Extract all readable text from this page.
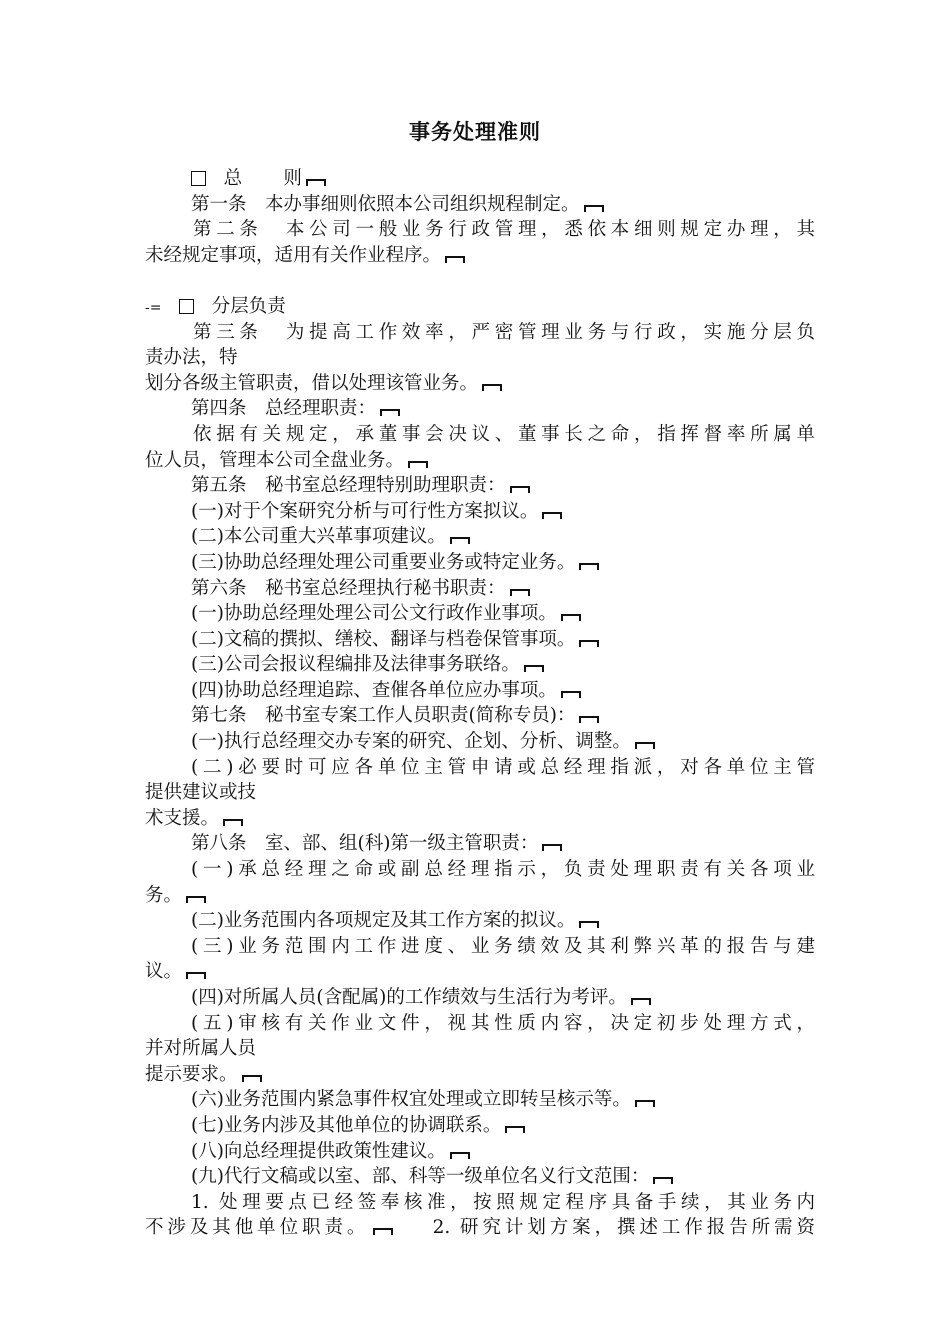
事务处理准则
总 则
第一条　本办事细则依照本公司组织规程制定。
第二条　本公司一般业务行政管理，悉依本细则规定办理，其
未经规定事项，适用有关作业程序。
-=	分层负责
第三条　为提高工作效率，严密管理业务与行政，实施分层负
责办法，特
划分各级主管职责，借以处理该管业务。
第四条　总经理职责：
依据有关规定，承董事会决议、董事长之命，指挥督率所属单
位人员，管理本公司全盘业务。
第五条　秘书室总经理特别助理职责：
(一)对于个案研究分析与可行性方案拟议。
(二)本公司重大兴革事项建议。
(三)协助总经理处理公司重要业务或特定业务。
第六条　秘书室总经理执行秘书职责：
(一)协助总经理处理公司公文行政作业事项。
(二)文稿的撰拟、缮校、翻译与档卷保管事项。
(三)公司会报议程编排及法律事务联络。
(四)协助总经理追踪、查催各单位应办事项。
第七条　秘书室专案工作人员职责(简称专员)：
(一)执行总经理交办专案的研究、企划、分析、调整。
(二)必要时可应各单位主管申请或总经理指派，对各单位主管
提供建议或技
术支援。
第八条　室、部、组(科)第一级主管职责：
(一)承总经理之命或副总经理指示，负责处理职责有关各项业
务。
(二)业务范围内各项规定及其工作方案的拟议。
(三)业务范围内工作进度、业务绩效及其利弊兴革的报告与建
议。
(四)对所属人员(含配属)的工作绩效与生活行为考评。
(五)审核有关作业文件，视其性质内容，决定初步处理方式，
并对所属人员
提示要求。
(六)业务范围内紧急事件权宜处理或立即转呈核示等。
(七)业务内涉及其他单位的协调联系。
(八)向总经理提供政策性建议。
(九)代行文稿或以室、部、科等一级单位名义行文范围：
1. 处理要点已经签奉核准，按照规定程序具备手续，其业务内
不涉及其他单位职责。	2. 研究计划方案，撰述工作报告所需资
